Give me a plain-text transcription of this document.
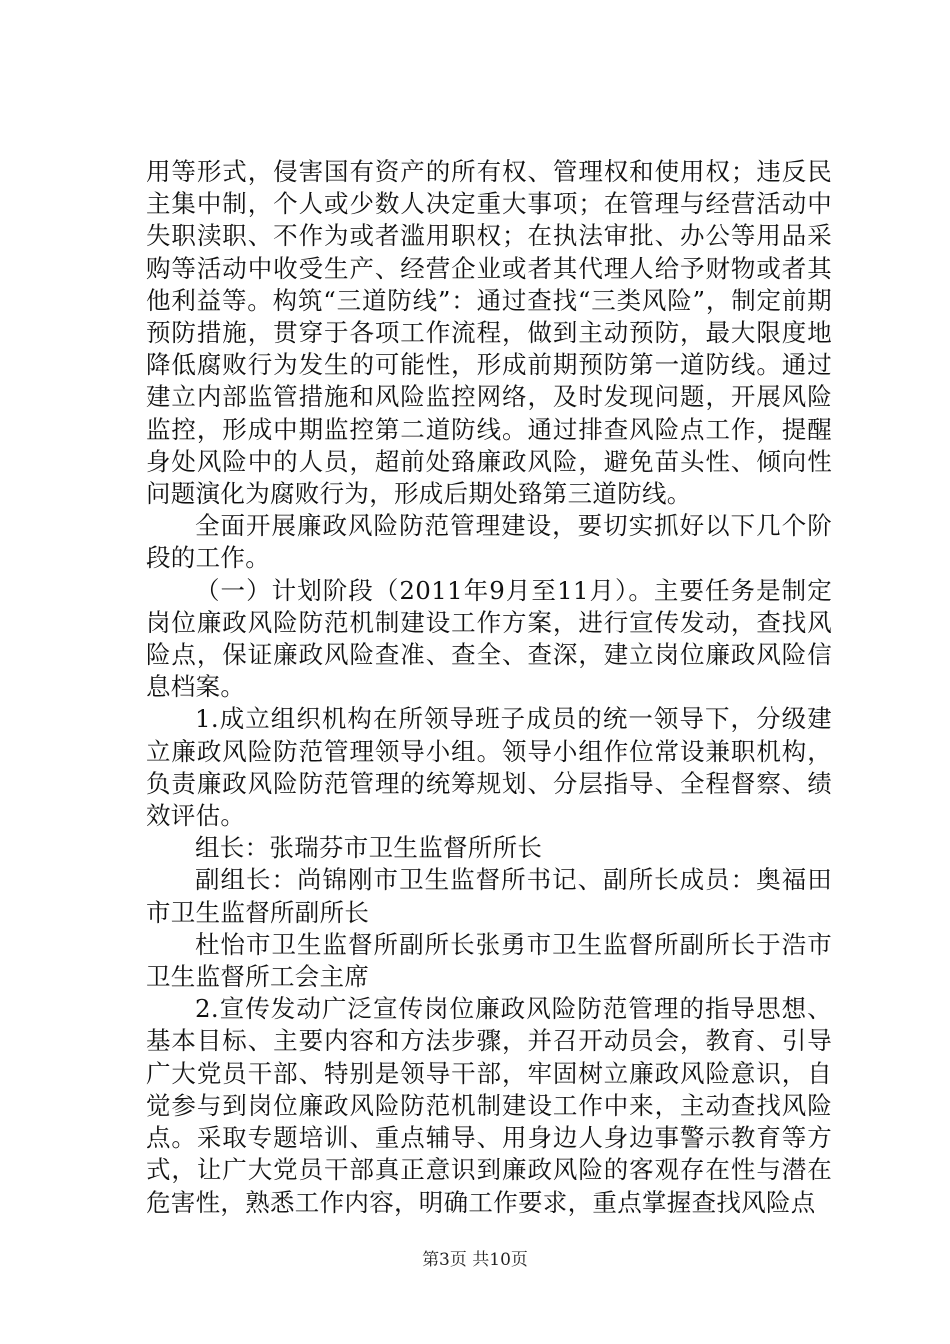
用等形式，侵害国有资产的所有权、管理权和使用权；违反民主集中制，个人或少数人决定重大事项；在管理与经营活动中失职渎职、不作为或者滥用职权；在执法审批、办公等用品采购等活动中收受生产、经营企业或者其代理人给予财物或者其他利益等。构筑“三道防线”：通过查找“三类风险”，制定前期预防措施，贯穿于各项工作流程，做到主动预防，最大限度地降低腐败行为发生的可能性，形成前期预防第一道防线。通过建立内部监管措施和风险监控网络，及时发现问题，开展风险监控，形成中期监控第二道防线。通过排查风险点工作，提醒身处风险中的人员，超前处臵廉政风险，避免苗头性、倾向性问题演化为腐败行为，形成后期处臵第三道防线。

全面开展廉政风险防范管理建设，要切实抓好以下几个阶段的工作。

（一）计划阶段（2011年9月至11月）。主要任务是制定岗位廉政风险防范机制建设工作方案，进行宣传发动，查找风险点，保证廉政风险查准、查全、查深，建立岗位廉政风险信息档案。

1.成立组织机构在所领导班子成员的统一领导下，分级建立廉政风险防范管理领导小组。领导小组作位常设兼职机构，负责廉政风险防范管理的统筹规划、分层指导、全程督察、绩效评估。

组长：张瑞芬市卫生监督所所长

副组长：尚锦刚市卫生监督所书记、副所长成员：奥福田市卫生监督所副所长

杜怡市卫生监督所副所长张勇市卫生监督所副所长于浩市卫生监督所工会主席

2.宣传发动广泛宣传岗位廉政风险防范管理的指导思想、基本目标、主要内容和方法步骤，并召开动员会，教育、引导广大党员干部、特别是领导干部，牢固树立廉政风险意识，自觉参与到岗位廉政风险防范机制建设工作中来，主动查找风险点。采取专题培训、重点辅导、用身边人身边事警示教育等方式，让广大党员干部真正意识到廉政风险的客观存在性与潜在危害性，熟悉工作内容，明确工作要求，重点掌握查找风险点

第3页 共10页
